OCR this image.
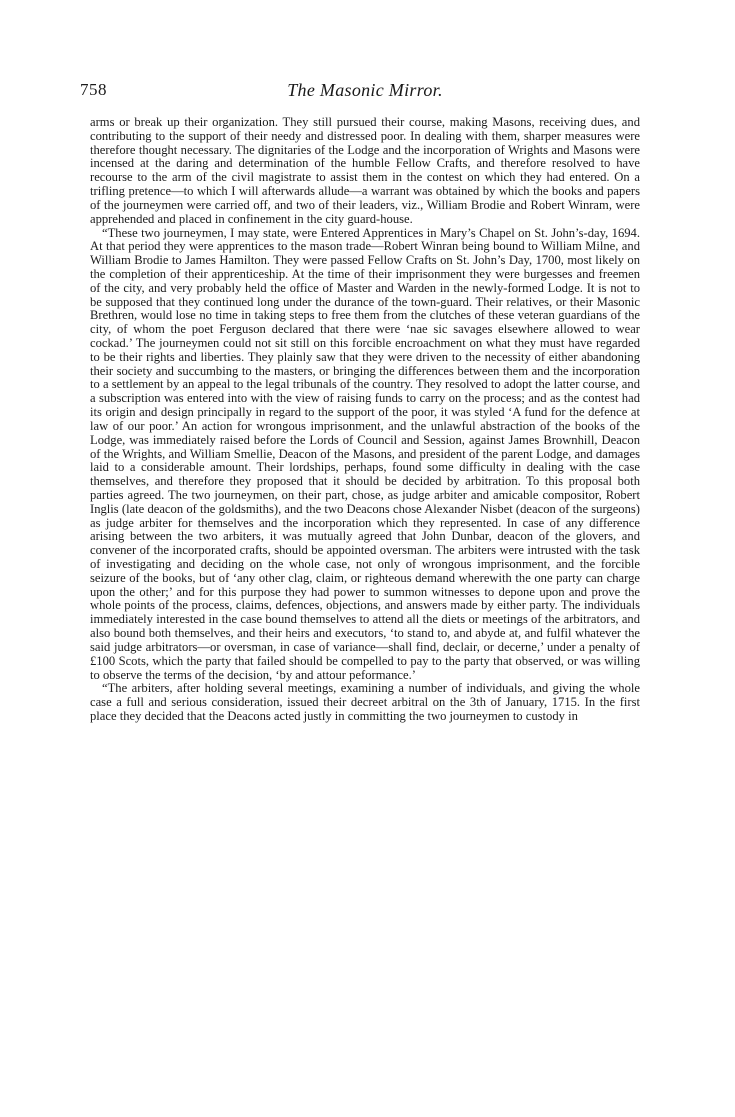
758	The Masonic Mirror.

arms or break up their organization. They still pursued their course, making Masons, receiving dues, and contributing to the support of their needy and distressed poor. In dealing with them, sharper measures were therefore thought necessary. The dignitaries of the Lodge and the incorporation of Wrights and Masons were incensed at the daring and determination of the humble Fellow Crafts, and therefore resolved to have recourse to the arm of the civil magistrate to assist them in the contest on which they had entered. On a trifling pretence—to which I will afterwards allude—a warrant was obtained by which the books and papers of the journeymen were carried off, and two of their leaders, viz., William Brodie and Robert Winram, were apprehended and placed in confinement in the city guard-house.

“These two journeymen, I may state, were Entered Apprentices in Mary’s Chapel on St. John’s-day, 1694. At that period they were apprentices to the mason trade—Robert Winran being bound to William Milne, and William Brodie to James Hamilton. They were passed Fellow Crafts on St. John’s Day, 1700, most likely on the completion of their apprenticeship. At the time of their imprisonment they were burgesses and freemen of the city, and very probably held the office of Master and Warden in the newly-formed Lodge. It is not to be supposed that they continued long under the durance of the town-guard. Their relatives, or their Masonic Brethren, would lose no time in taking steps to free them from the clutches of these veteran guardians of the city, of whom the poet Ferguson declared that there were ‘nae sic savages elsewhere allowed to wear cockad.’ The journeymen could not sit still on this forcible encroachment on what they must have regarded to be their rights and liberties. They plainly saw that they were driven to the necessity of either abandoning their society and succumbing to the masters, or bringing the differences between them and the incorporation to a settlement by an appeal to the legal tribunals of the country. They resolved to adopt the latter course, and a subscription was entered into with the view of raising funds to carry on the process; and as the contest had its origin and design principally in regard to the support of the poor, it was styled ‘A fund for the defence at law of our poor.’ An action for wrongous imprisonment, and the unlawful abstraction of the books of the Lodge, was immediately raised before the Lords of Council and Session, against James Brownhill, Deacon of the Wrights, and William Smellie, Deacon of the Masons, and president of the parent Lodge, and damages laid to a considerable amount. Their lordships, perhaps, found some difficulty in dealing with the case themselves, and therefore they proposed that it should be decided by arbitration. To this proposal both parties agreed. The two journeymen, on their part, chose, as judge arbiter and amicable compositor, Robert Inglis (late deacon of the goldsmiths), and the two Deacons chose Alexander Nisbet (deacon of the surgeons) as judge arbiter for themselves and the incorporation which they represented. In case of any difference arising between the two arbiters, it was mutually agreed that John Dunbar, deacon of the glovers, and convener of the incorporated crafts, should be appointed oversman. The arbiters were intrusted with the task of investigating and deciding on the whole case, not only of wrongous imprisonment, and the forcible seizure of the books, but of ‘any other clag, claim, or righteous demand wherewith the one party can charge upon the other;’ and for this purpose they had power to summon witnesses to depone upon and prove the whole points of the process, claims, defences, objections, and answers made by either party. The individuals immediately interested in the case bound themselves to attend all the diets or meetings of the arbitrators, and also bound both themselves, and their heirs and executors, ‘to stand to, and abyde at, and fulfil whatever the said judge arbitrators—or oversman, in case of variance—shall find, declair, or decerne,’ under a penalty of £100 Scots, which the party that failed should be compelled to pay to the party that observed, or was willing to observe the terms of the decision, ‘by and attour peformance.’

“The arbiters, after holding several meetings, examining a number of individuals, and giving the whole case a full and serious consideration, issued their decreet arbitral on the 3th of January, 1715. In the first place they decided that the Deacons acted justly in committing the two journeymen to custody in
